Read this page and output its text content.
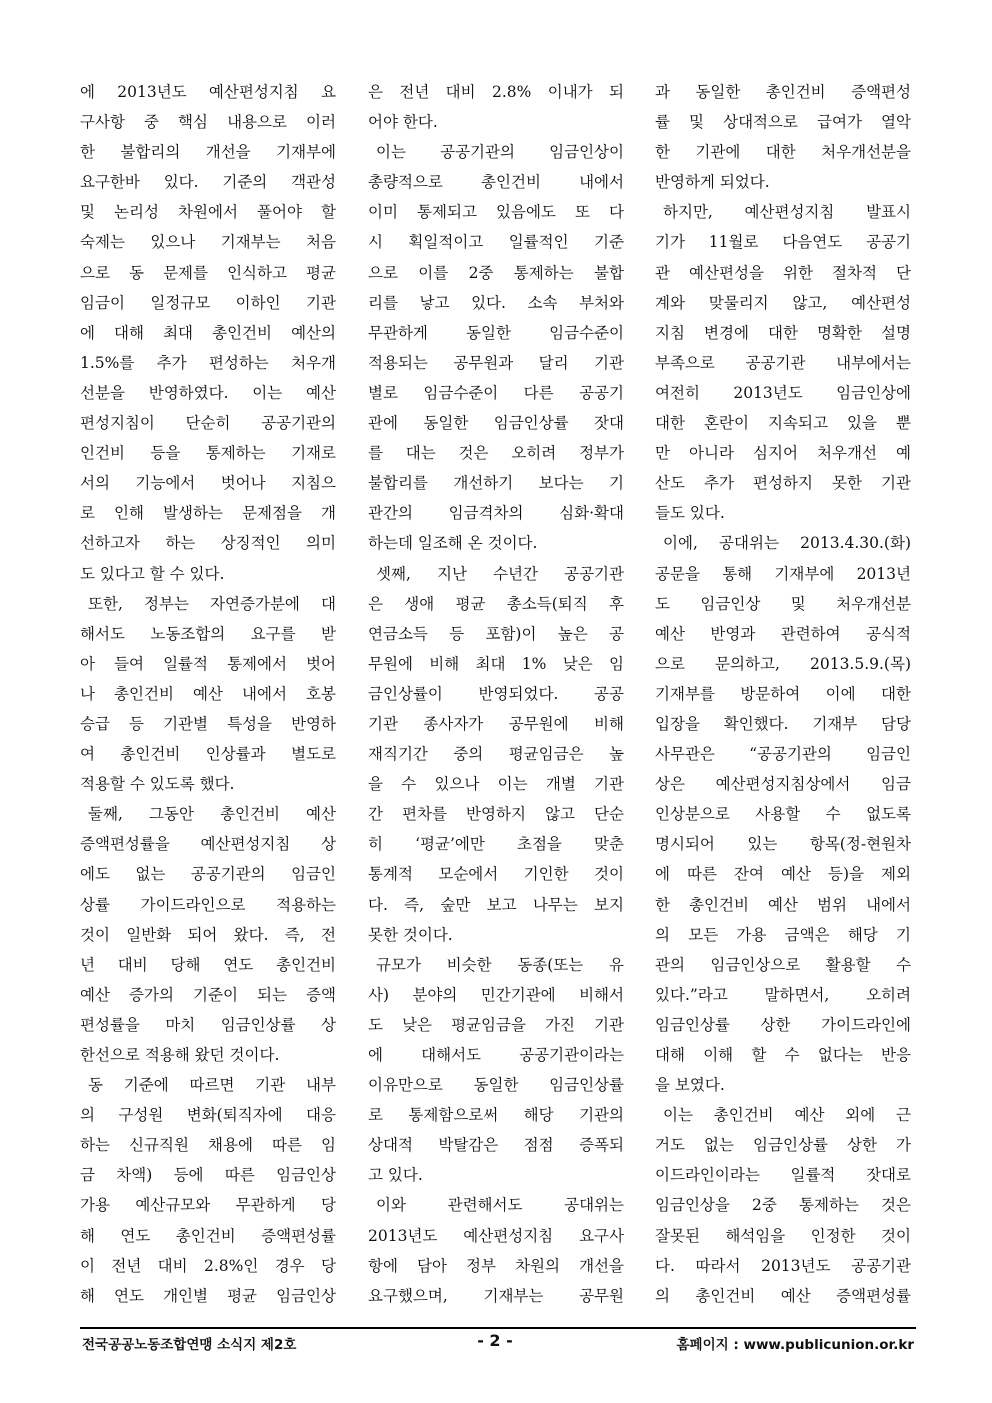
에 2013년도 예산편성지침 요
구사항 중 핵심 내용으로 이러
한 불합리의 개선을 기재부에
요구한바 있다. 기준의 객관성
및 논리성 차원에서 풀어야 할
숙제는 있으나 기재부는 처음
으로 동 문제를 인식하고 평균
임금이 일정규모 이하인 기관
에 대해 최대 총인건비 예산의
1.5%를 추가 편성하는 처우개
선분을 반영하였다. 이는 예산
편성지침이 단순히 공공기관의
인건비 등을 통제하는 기재로
서의 기능에서 벗어나 지침으
로 인해 발생하는 문제점을 개
선하고자 하는 상징적인 의미
도 있다고 할 수 있다.
또한, 정부는 자연증가분에 대
해서도 노동조합의 요구를 받
아 들여 일률적 통제에서 벗어
나 총인건비 예산 내에서 호봉
승급 등 기관별 특성을 반영하
여 총인건비 인상률과 별도로
적용할 수 있도록 했다.
둘째, 그동안 총인건비 예산
증액편성률을 예산편성지침 상
에도 없는 공공기관의 임금인
상률 가이드라인으로 적용하는
것이 일반화 되어 왔다. 즉, 전
년 대비 당해 연도 총인건비
예산 증가의 기준이 되는 증액
편성률을 마치 임금인상률 상
한선으로 적용해 왔던 것이다.
동 기준에 따르면 기관 내부
의 구성원 변화(퇴직자에 대응
하는 신규직원 채용에 따른 임
금 차액) 등에 따른 임금인상
가용 예산규모와 무관하게 당
해 연도 총인건비 증액편성률
이 전년 대비 2.8%인 경우 당
해 연도 개인별 평균 임금인상
은 전년 대비 2.8% 이내가 되
어야 한다.
이는 공공기관의 임금인상이
총량적으로 총인건비 내에서
이미 통제되고 있음에도 또 다
시 획일적이고 일률적인 기준
으로 이를 2중 통제하는 불합
리를 낳고 있다. 소속 부처와
무관하게 동일한 임금수준이
적용되는 공무원과 달리 기관
별로 임금수준이 다른 공공기
관에 동일한 임금인상률 잣대
를 대는 것은 오히려 정부가
불합리를 개선하기 보다는 기
관간의 임금격차의 심화·확대
하는데 일조해 온 것이다.
셋째, 지난 수년간 공공기관
은 생애 평균 총소득(퇴직 후
연금소득 등 포함)이 높은 공
무원에 비해 최대 1% 낮은 임
금인상률이 반영되었다. 공공
기관 종사자가 공무원에 비해
재직기간 중의 평균임금은 높
을 수 있으나 이는 개별 기관
간 편차를 반영하지 않고 단순
히 ‘평균’에만 초점을 맞춘
통계적 모순에서 기인한 것이
다. 즉, 숲만 보고 나무는 보지
못한 것이다.
규모가 비슷한 동종(또는 유
사) 분야의 민간기관에 비해서
도 낮은 평균임금을 가진 기관
에 대해서도 공공기관이라는
이유만으로 동일한 임금인상률
로 통제함으로써 해당 기관의
상대적 박탈감은 점점 증폭되
고 있다.
이와 관련해서도 공대위는
2013년도 예산편성지침 요구사
항에 담아 정부 차원의 개선을
요구했으며, 기재부는 공무원
과 동일한 총인건비 증액편성
률 및 상대적으로 급여가 열악
한 기관에 대한 처우개선분을
반영하게 되었다.
하지만, 예산편성지침 발표시
기가 11월로 다음연도 공공기
관 예산편성을 위한 절차적 단
계와 맞물리지 않고, 예산편성
지침 변경에 대한 명확한 설명
부족으로 공공기관 내부에서는
여전히 2013년도 임금인상에
대한 혼란이 지속되고 있을 뿐
만 아니라 심지어 처우개선 예
산도 추가 편성하지 못한 기관
들도 있다.
이에, 공대위는 2013.4.30.(화)
공문을 통해 기재부에 2013년
도 임금인상 및 처우개선분
예산 반영과 관련하여 공식적
으로 문의하고, 2013.5.9.(목)
기재부를 방문하여 이에 대한
입장을 확인했다. 기재부 담당
사무관은 “공공기관의 임금인
상은 예산편성지침상에서 임금
인상분으로 사용할 수 없도록
명시되어 있는 항목(정-현원차
에 따른 잔여 예산 등)을 제외
한 총인건비 예산 범위 내에서
의 모든 가용 금액은 해당 기
관의 임금인상으로 활용할 수
있다.”라고 말하면서, 오히려
임금인상률 상한 가이드라인에
대해 이해 할 수 없다는 반응
을 보였다.
이는 총인건비 예산 외에 근
거도 없는 임금인상률 상한 가
이드라인이라는 일률적 잣대로
임금인상을 2중 통제하는 것은
잘못된 해석임을 인정한 것이
다. 따라서 2013년도 공공기관
의 총인건비 예산 증액편성률
전국공공노동조합연맹 소식지 제2호	- 2 -	홈페이지 : www.publicunion.or.kr
